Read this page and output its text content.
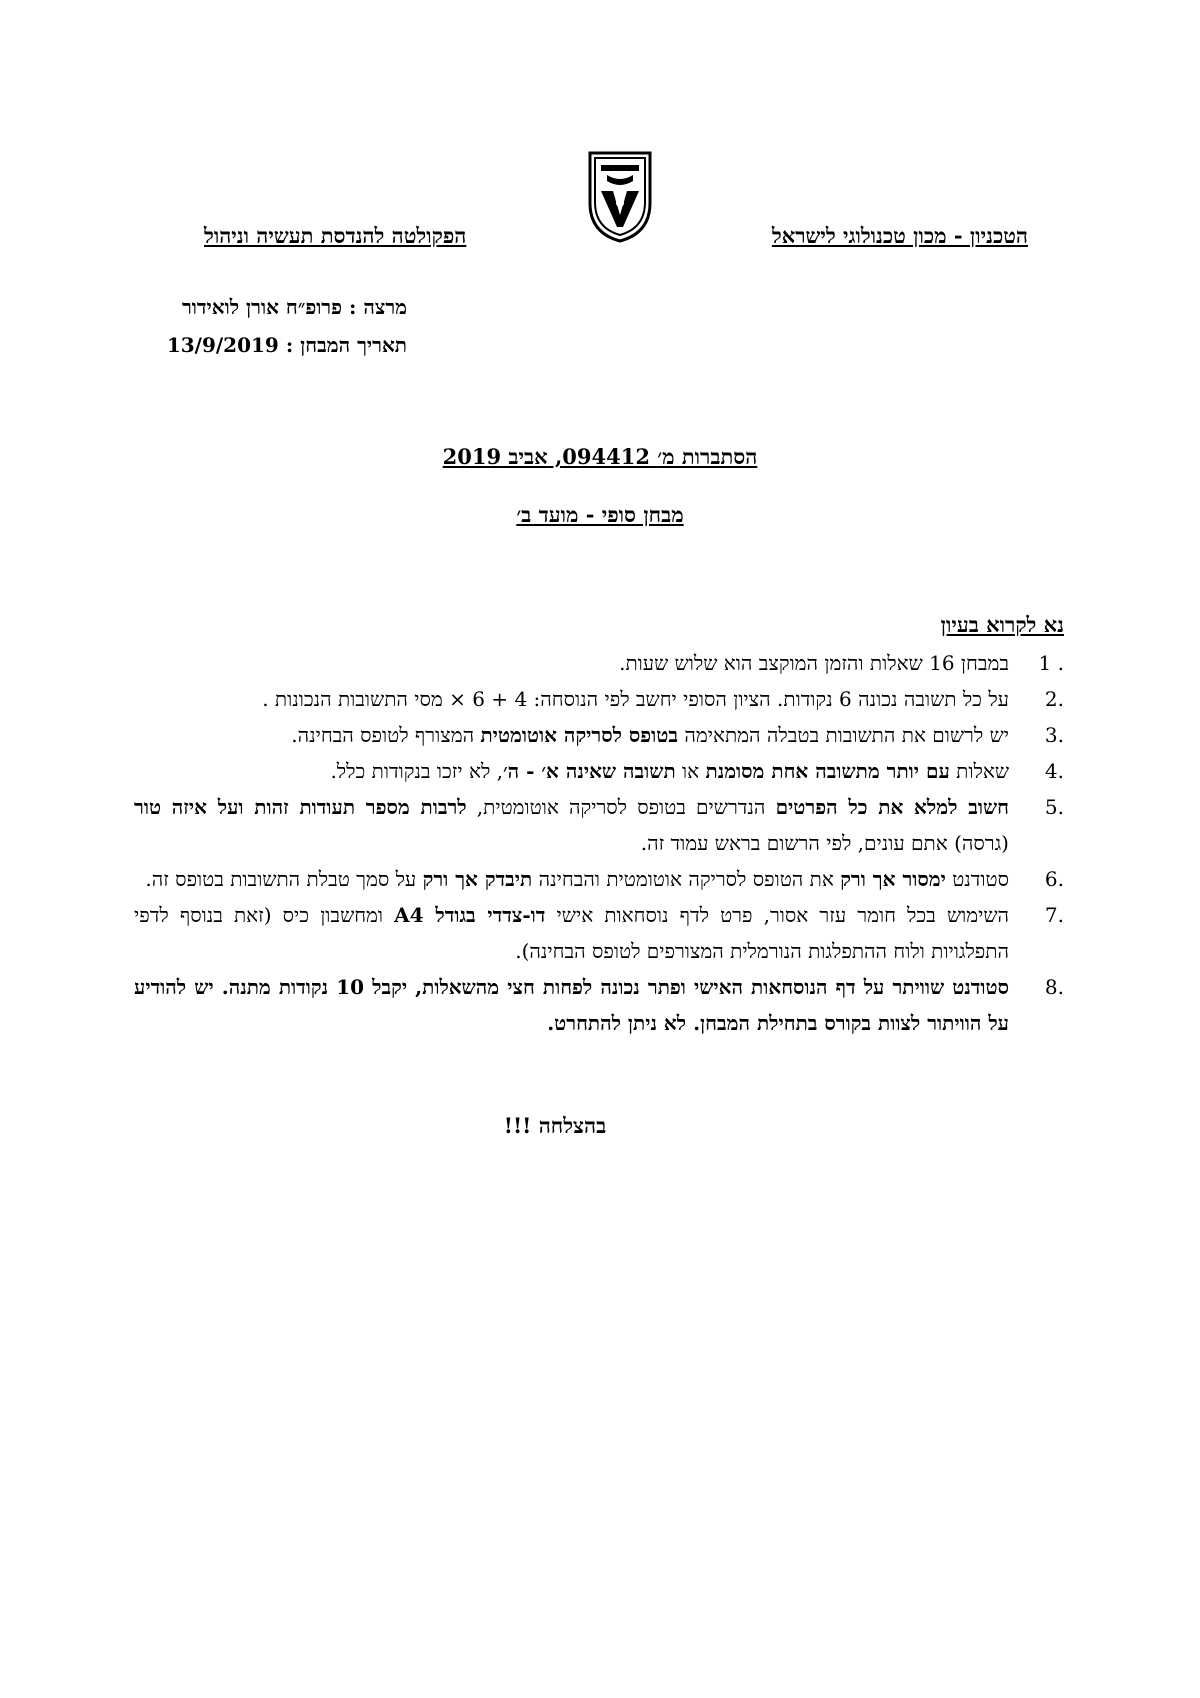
הטכניון - מכון טכנולוגי לישראל
הפקולטה להנדסת תעשיה וניהול
מרצה : פרופ״ח אורן לואידור
תאריך המבחן : 13/9/2019
הסתברות מ׳ 094412, אביב 2019
מבחן סופי - מועד ב׳
נא לקרוא בעיון
1 .
במבחן 16 שאלות והזמן המוקצב הוא שלוש שעות.
2.
על כל תשובה נכונה 6 נקודות. הציון הסופי יחשב לפי הנוסחה: 4 + 6 × מסי התשובות הנכונות .
3.
יש לרשום את התשובות בטבלה המתאימה בטופס לסריקה אוטומטית המצורף לטופס הבחינה.
4.
שאלות עם יותר מתשובה אחת מסומנת או תשובה שאינה א׳ - ה׳, לא יזכו בנקודות כלל.
5.
חשוב למלא את כל הפרטים הנדרשים בטופס לסריקה אוטומטית, לרבות מספר תעודות זהות ועל איזה טור (גרסה) אתם עונים, לפי הרשום בראש עמוד זה.
6.
סטודנט ימסור אך ורק את הטופס לסריקה אוטומטית והבחינה תיבדק אך ורק על סמך טבלת התשובות בטופס זה.
7.
השימוש בכל חומר עזר אסור, פרט לדף נוסחאות אישי דו-צדדי בגודל A4 ומחשבון כיס (זאת בנוסף לדפי התפלגויות ולוח ההתפלגות הנורמלית המצורפים לטופס הבחינה).
8.
סטודנט שוויתר על דף הנוסחאות האישי ופתר נכונה לפחות חצי מהשאלות, יקבל 10 נקודות מתנה. יש להודיע על הוויתור לצוות בקורס בתחילת המבחן. לא ניתן להתחרט.
בהצלחה !!!
